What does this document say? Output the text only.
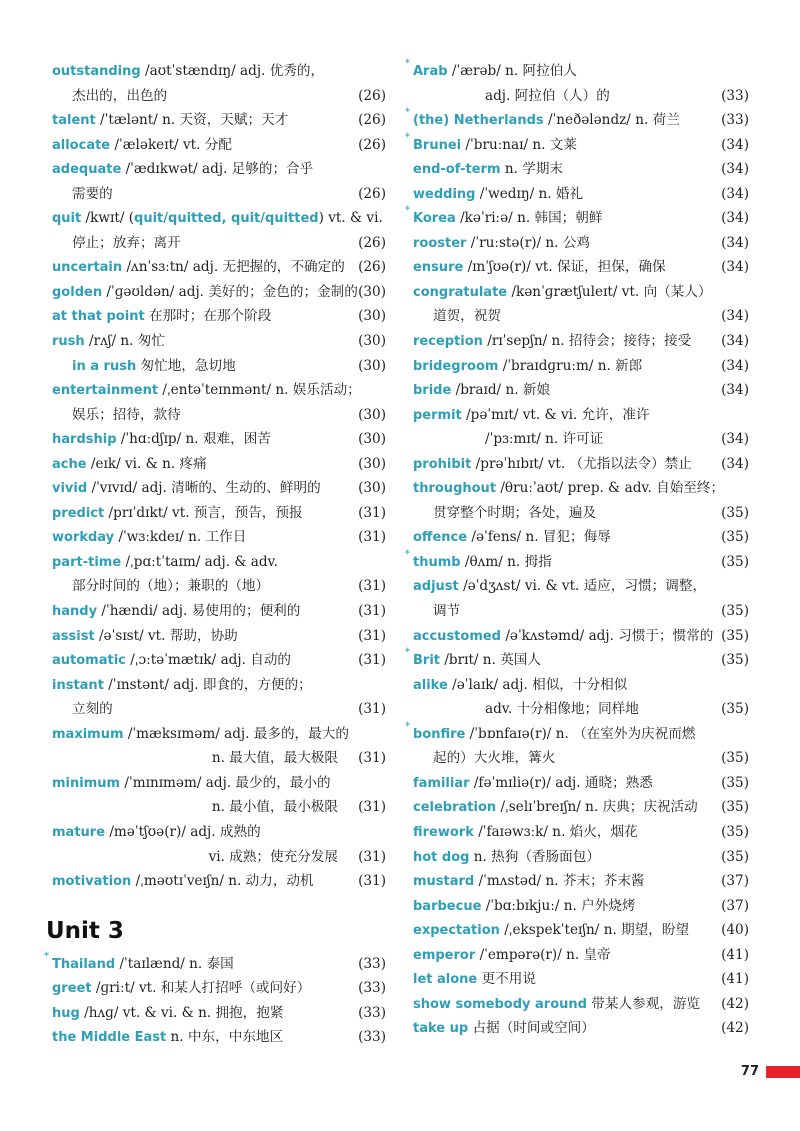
outstanding /aʊtˈstændɪŋ/ adj. 优秀的，
杰出的，出色的	(26)
talent /ˈtælənt/ n. 天资，天赋；天才	(26)
allocate /ˈæləkeɪt/ vt. 分配	(26)
adequate /ˈædɪkwət/ adj. 足够的；合乎
需要的	(26)
quit /kwɪt/ (quit/quitted, quit/quitted) vt. & vi.
停止；放弃；离开	(26)
uncertain /ʌnˈsɜːtn/ adj. 无把握的，不确定的 (26)
golden /ˈɡəʊldən/ adj. 美好的；金色的；金制的 (30)
at that point 在那时；在那个阶段	(30)
rush /rʌʃ/ n. 匆忙	(30)
in a rush 匆忙地，急切地	(30)
entertainment /ˌentəˈteɪnmənt/ n. 娱乐活动；
娱乐；招待，款待	(30)
hardship /ˈhɑːdʃɪp/ n. 艰难，困苦	(30)
ache /eɪk/ vi. & n. 疼痛	(30)
vivid /ˈvɪvɪd/ adj. 清晰的、生动的、鲜明的	(30)
predict /prɪˈdɪkt/ vt. 预言，预告，预报	(31)
workday /ˈwɜːkdeɪ/ n. 工作日	(31)
part-time /ˌpɑːtˈtaɪm/ adj. & adv.
部分时间的（地）；兼职的（地）	(31)
handy /ˈhændi/ adj. 易使用的；便利的	(31)
assist /əˈsɪst/ vt. 帮助，协助	(31)
automatic /ˌɔːtəˈmætɪk/ adj. 自动的	(31)
instant /ˈɪnstənt/ adj. 即食的，方便的；
立刻的	(31)
maximum /ˈmæksɪməm/ adj. 最多的，最大的
n. 最大值，最大极限 (31)
minimum /ˈmɪnɪməm/ adj. 最少的，最小的
n. 最小值，最小极限 (31)
mature /məˈtʃʊə(r)/ adj. 成熟的
vi. 成熟；使充分发展 (31)
motivation /ˌməʊtɪˈveɪʃn/ n. 动力，动机	(31)
Unit 3
*
Thailand /ˈtaɪlænd/ n. 泰国	(33)
greet /ɡriːt/ vt. 和某人打招呼（或问好）	(33)
hug /hʌɡ/ vt. & vi. & n. 拥抱，抱紧	(33)
the Middle East n. 中东，中东地区	(33)
*
Arab /ˈærəb/ n. 阿拉伯人
adj. 阿拉伯（人）的	(33)
*
(the) Netherlands /ˈneðələndz/ n. 荷兰	(33)
*
Brunei /ˈbruːnaɪ/ n. 文莱	(34)
end-of-term n. 学期末	(34)
wedding /ˈwedɪŋ/ n. 婚礼	(34)
*
Korea /kəˈriːə/ n. 韩国；朝鲜	(34)
rooster /ˈruːstə(r)/ n. 公鸡	(34)
ensure /ɪnˈʃʊə(r)/ vt. 保证，担保，确保	(34)
congratulate /kənˈɡrætʃuleɪt/ vt. 向（某人）
道贺，祝贺	(34)
reception /rɪˈsepʃn/ n. 招待会；接待；接受 (34)
bridegroom /ˈbraɪdɡruːm/ n. 新郎	(34)
bride /braɪd/ n. 新娘	(34)
permit /pəˈmɪt/ vt. & vi. 允许，准许
/ˈpɜːmɪt/ n. 许可证	(34)
prohibit /prəˈhɪbɪt/ vt. （尤指以法令）禁止 (34)
throughout /θruːˈaʊt/ prep. & adv. 自始至终；
贯穿整个时期；各处，遍及	(35)
offence /əˈfens/ n. 冒犯；侮辱	(35)
*
thumb /θʌm/ n. 拇指	(35)
adjust /əˈdʒʌst/ vi. & vt. 适应，习惯；调整，
调节	(35)
accustomed /əˈkʌstəmd/ adj. 习惯于；惯常的 (35)
*
Brit /brɪt/ n. 英国人	(35)
alike /əˈlaɪk/ adj. 相似，十分相似
adv. 十分相像地；同样地	(35)
*
bonfire /ˈbɒnfaɪə(r)/ n. （在室外为庆祝而燃
起的）大火堆，篝火	(35)
familiar /fəˈmɪliə(r)/ adj. 通晓；熟悉	(35)
celebration /ˌselɪˈbreɪʃn/ n. 庆典；庆祝活动 (35)
firework /ˈfaɪəwɜːk/ n. 焰火，烟花	(35)
hot dog n. 热狗（香肠面包）	(35)
mustard /ˈmʌstəd/ n. 芥末；芥末酱	(37)
barbecue /ˈbɑːbɪkjuː/ n. 户外烧烤	(37)
expectation /ˌekspekˈteɪʃn/ n. 期望，盼望 (40)
emperor /ˈempərə(r)/ n. 皇帝	(41)
let alone 更不用说	(41)
show somebody around 带某人参观，游览 (42)
take up 占据（时间或空间）	(42)
77
